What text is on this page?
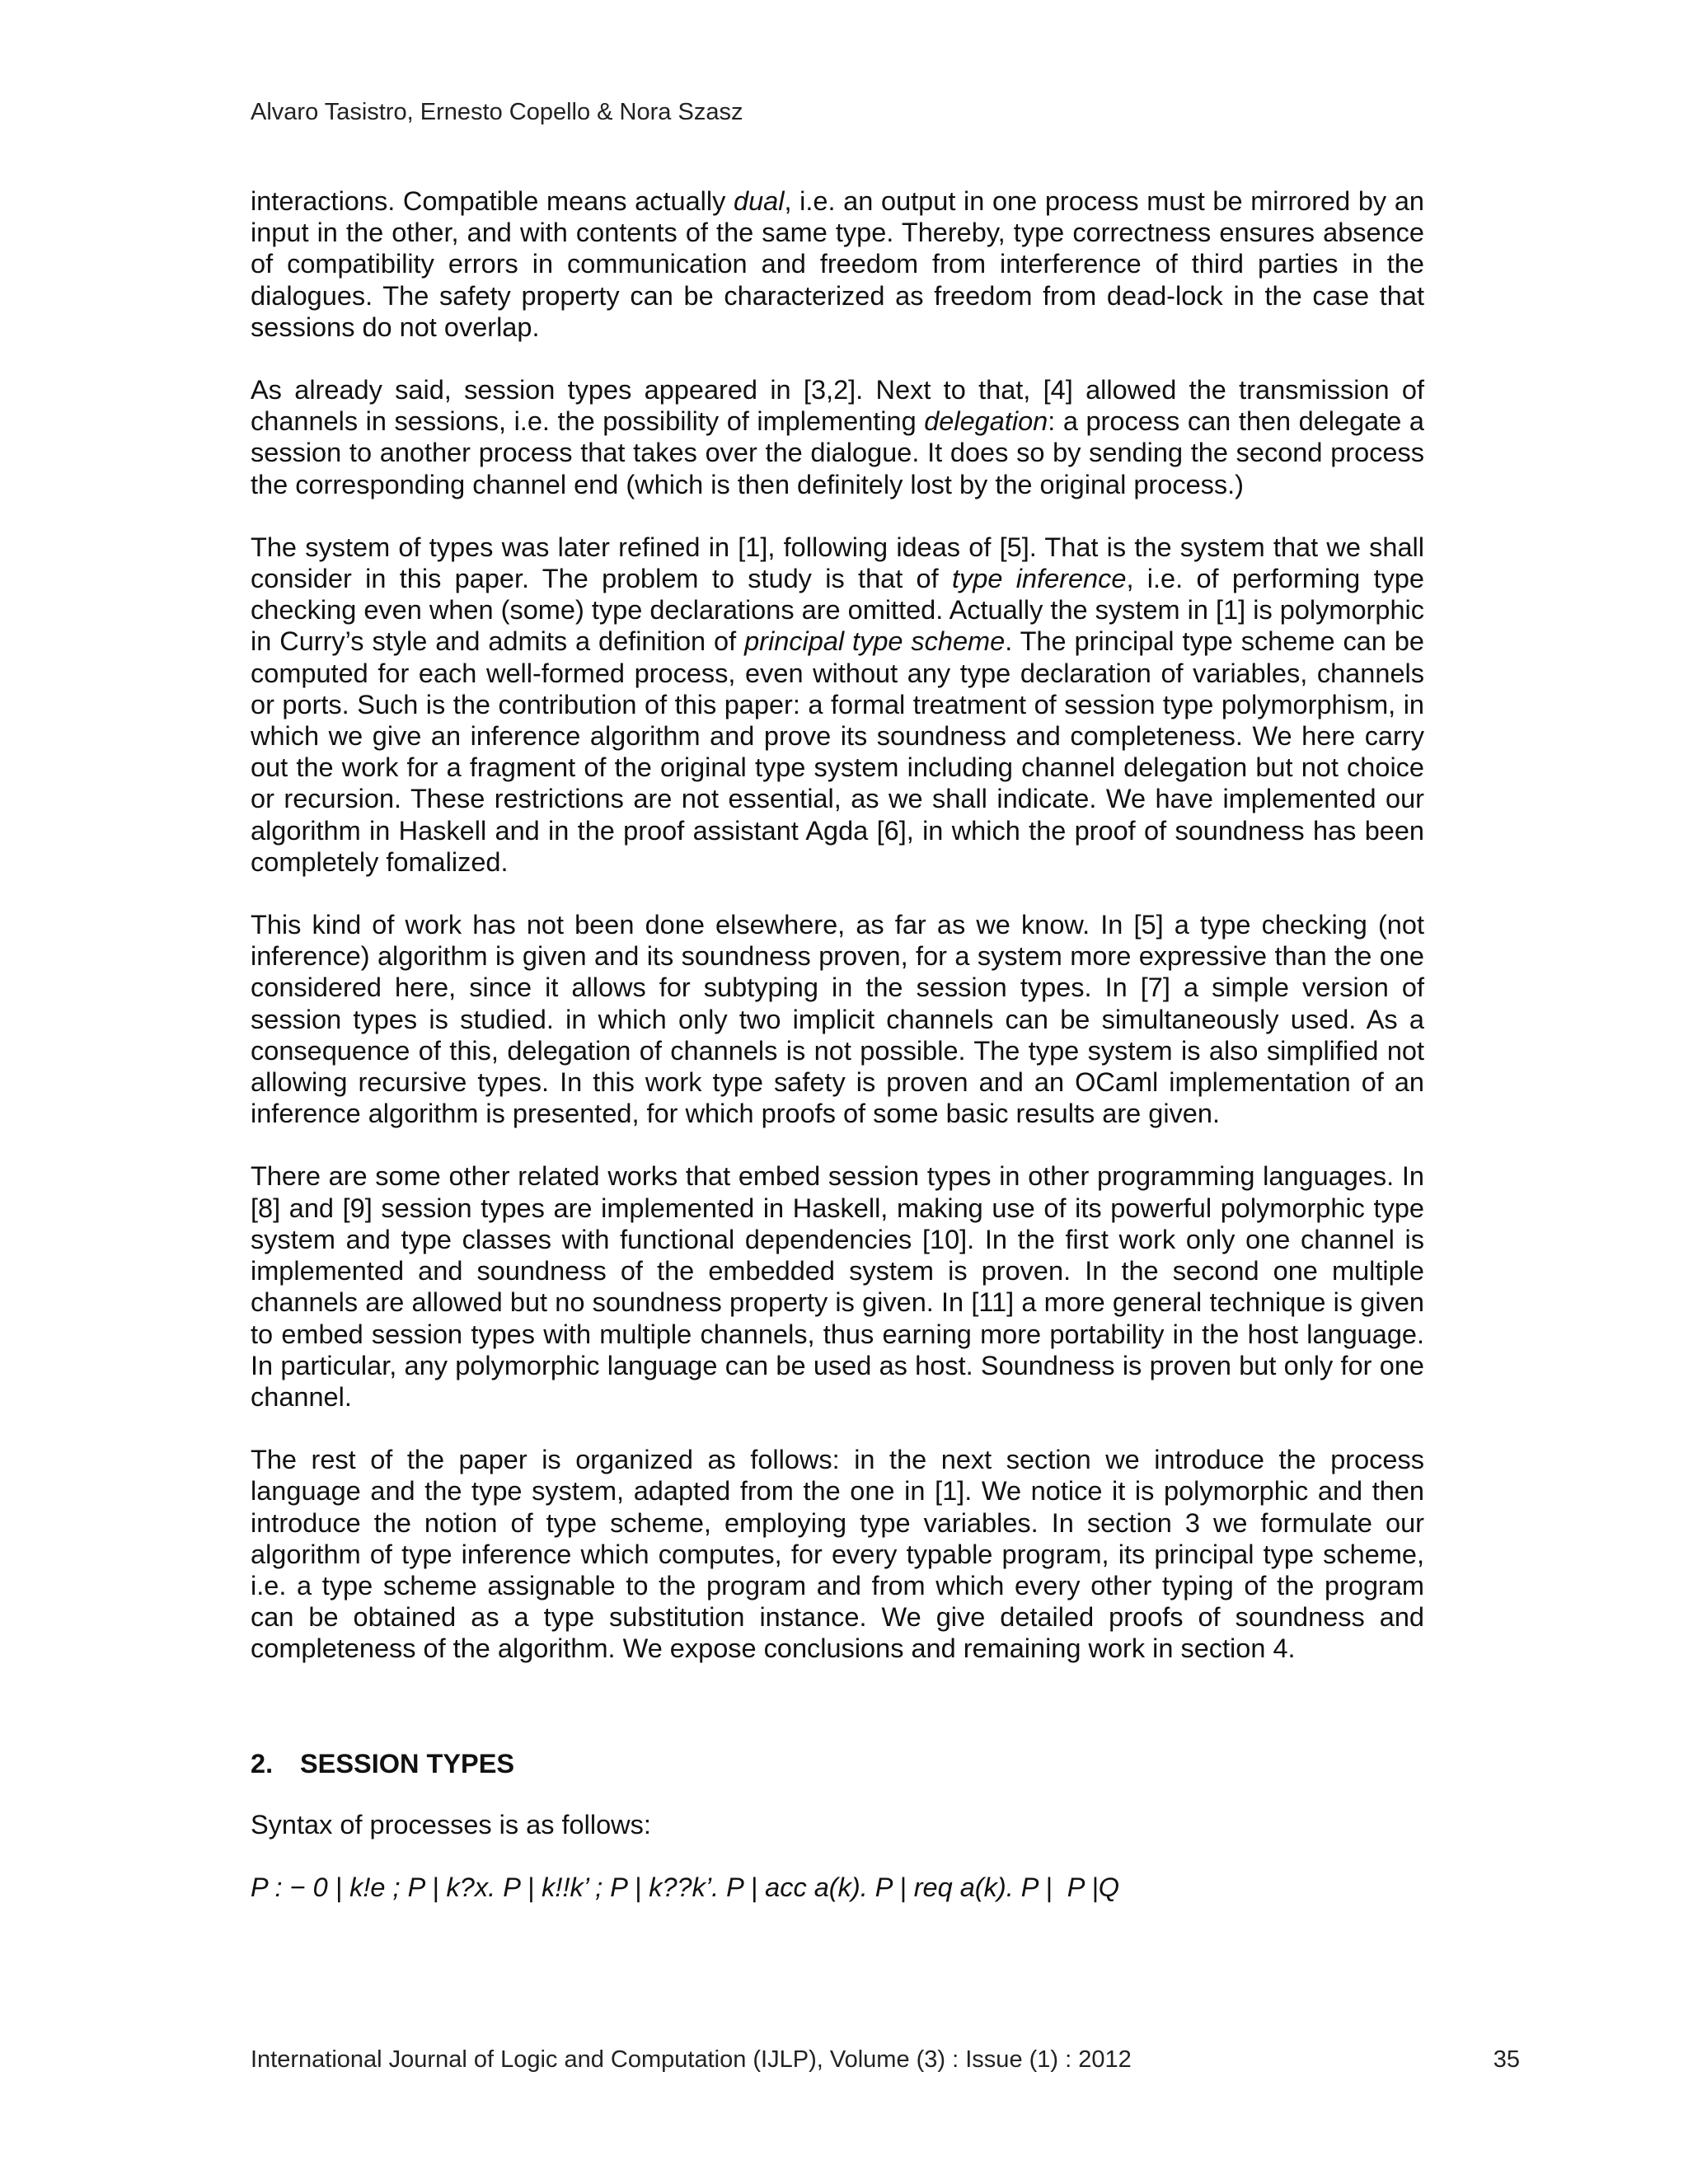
Alvaro Tasistro, Ernesto Copello & Nora Szasz

interactions. Compatible means actually dual, i.e. an output in one process must be mirrored by an input in the other, and with contents of the same type. Thereby, type correctness ensures absence of compatibility errors in communication and freedom from interference of third parties in the dialogues. The safety property can be characterized as freedom from dead-lock in the case that sessions do not overlap.

As already said, session types appeared in [3,2]. Next to that, [4] allowed the transmission of channels in sessions, i.e. the possibility of implementing delegation: a process can then delegate a session to another process that takes over the dialogue. It does so by sending the second process the corresponding channel end (which is then definitely lost by the original process.)

The system of types was later refined in [1], following ideas of [5]. That is the system that we shall consider in this paper. The problem to study is that of type inference, i.e. of performing type checking even when (some) type declarations are omitted. Actually the system in [1] is polymorphic in Curry’s style and admits a definition of principal type scheme. The principal type scheme can be computed for each well-formed process, even without any type declaration of variables, channels or ports. Such is the contribution of this paper: a formal treatment of session type polymorphism, in which we give an inference algorithm and prove its soundness and completeness. We here carry out the work for a fragment of the original type system including channel delegation but not choice or recursion. These restrictions are not essential, as we shall indicate. We have implemented our algorithm in Haskell and in the proof assistant Agda [6], in which the proof of soundness has been completely fomalized.

This kind of work has not been done elsewhere, as far as we know. In [5] a type checking (not inference) algorithm is given and its soundness proven, for a system more expressive than the one considered here, since it allows for subtyping in the session types. In [7] a simple version of session types is studied. in which only two implicit channels can be simultaneously used. As a consequence of this, delegation of channels is not possible. The type system is also simplified not allowing recursive types. In this work type safety is proven and an OCaml implementation of an inference algorithm is presented, for which proofs of some basic results are given.

There are some other related works that embed session types in other programming languages. In [8] and [9] session types are implemented in Haskell, making use of its powerful polymorphic type system and type classes with functional dependencies [10]. In the first work only one channel is implemented and soundness of the embedded system is proven. In the second one multiple channels are allowed but no soundness property is given. In [11] a more general technique is given to embed session types with multiple channels, thus earning more portability in the host language. In particular, any polymorphic language can be used as host. Soundness is proven but only for one channel.

The rest of the paper is organized as follows: in the next section we introduce the process language and the type system, adapted from the one in [1]. We notice it is polymorphic and then introduce the notion of type scheme, employing type variables. In section 3 we formulate our algorithm of type inference which computes, for every typable program, its principal type scheme, i.e. a type scheme assignable to the program and from which every other typing of the program can be obtained as a type substitution instance. We give detailed proofs of soundness and completeness of the algorithm. We expose conclusions and remaining work in section 4.

2. SESSION TYPES

Syntax of processes is as follows:

P : − 0 | k!e ; P | k?x. P | k!!k’ ; P | k??k’. P | acc a(k). P | req a(k). P |  P |Q

International Journal of Logic and Computation (IJLP), Volume (3) : Issue (1) : 2012	35
